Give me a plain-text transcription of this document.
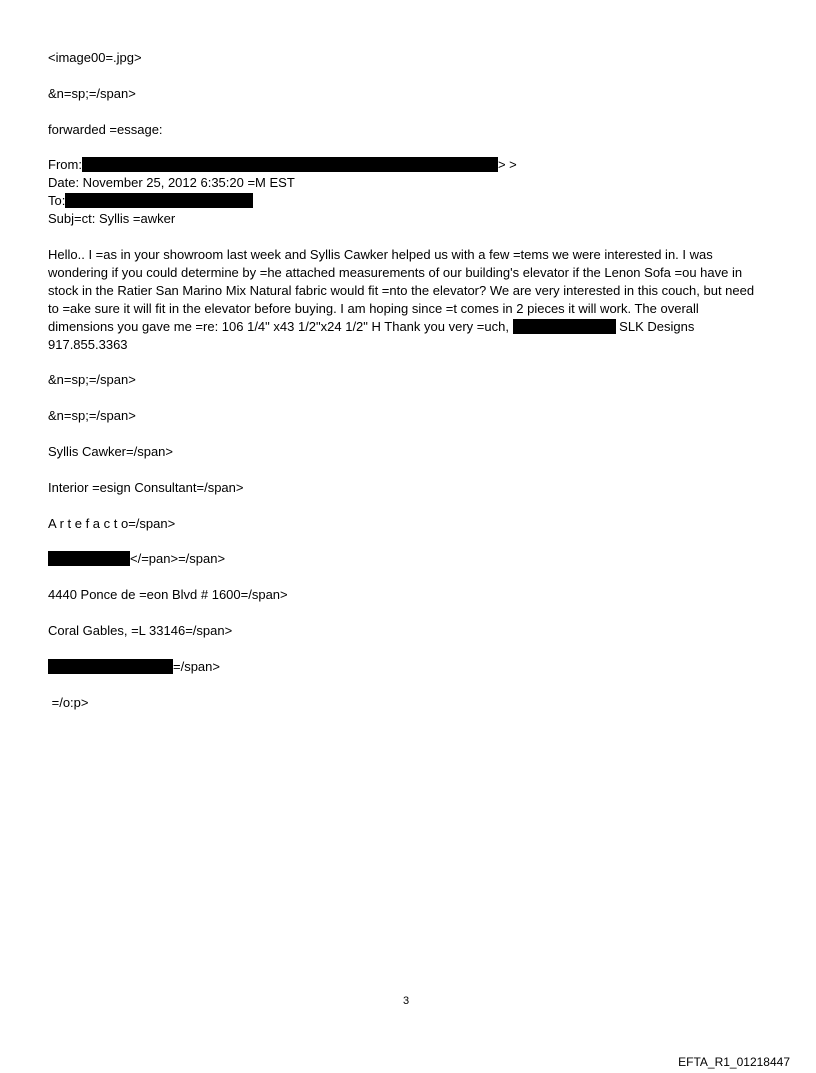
<image00=.jpg>
&n=sp;=/span>
forwarded =essage:
From:	> >
Date: November 25, 2012 6:35:20 =M EST
To:
Subj=ct: Syllis =awker
Hello.. I =as in your showroom last week and Syllis Cawker helped us with a few =tems we were interested in. I was wondering if you could determine by =he attached measurements of our building's elevator if the Lenon Sofa =ou have in stock in the Ratier San Marino Mix Natural fabric would fit =nto the elevator? We are very interested in this couch, but need to =ake sure it will fit in the elevator before buying. I am hoping since =t comes in 2 pieces it will work. The overall dimensions you gave me =re: 106 1/4" x43 1/2"x24 1/2" H Thank you very =uch,	SLK Designs
917.855.3363
&n=sp;=/span>
&n=sp;=/span>
Syllis Cawker=/span>
Interior =esign Consultant=/span>
A r t e f a c t o=/span>
</=pan>=/span>
4440 Ponce de =eon Blvd # 1600=/span>
Coral Gables, =L 33146=/span>
=/span>
=/o:p>
3
EFTA_R1_01218447
